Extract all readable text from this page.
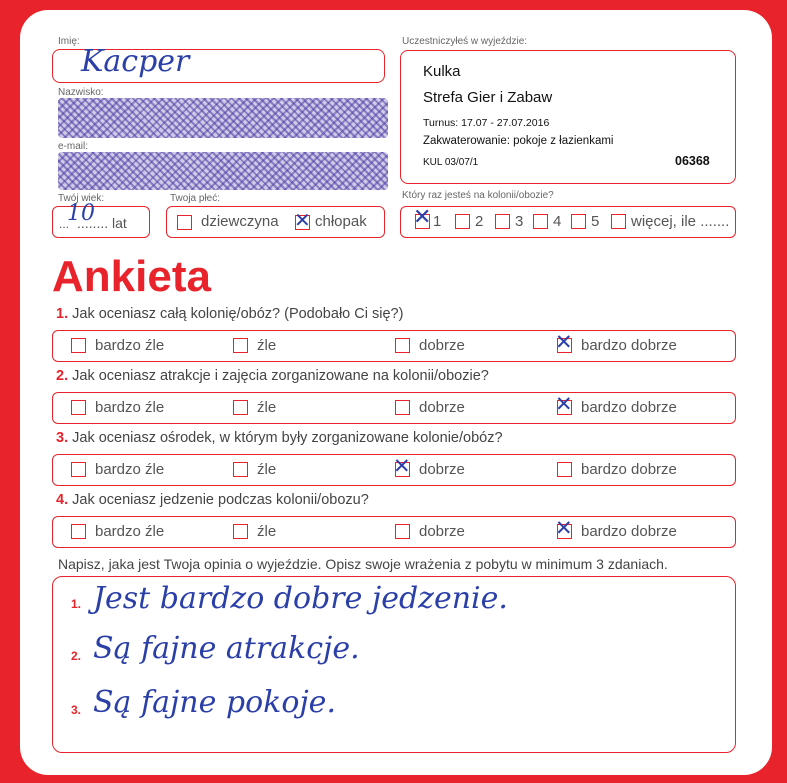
Imię:
Kacper
Nazwisko:
e-mail:
Twój wiek:
...
10
........ lat
Twoja płeć:
dziewczyna ✕ chłopak
Uczestniczyłeś w wyjeździe:
Kulka
Strefa Gier i Zabaw
Turnus: 17.07 - 27.07.2016
Zakwaterowanie: pokoje z łazienkami
KUL 03/07/1	06368
Który raz jesteś na kolonii/obozie?
✕ 1 2 3 4 5 więcej, ile .......
Ankieta
1. Jak oceniasz całą kolonię/obóz? (Podobało Ci się?)
bardzo źle	źle	dobrze	✕ bardzo dobrze
2. Jak oceniasz atrakcje i zajęcia zorganizowane na kolonii/obozie?
bardzo źle	źle	dobrze	✕ bardzo dobrze
3. Jak oceniasz ośrodek, w którym były zorganizowane kolonie/obóz?
bardzo źle	źle	✕ dobrze	bardzo dobrze
4. Jak oceniasz jedzenie podczas kolonii/obozu?
bardzo źle	źle	dobrze	✕ bardzo dobrze
Napisz, jaka jest Twoja opinia o wyjeździe. Opisz swoje wrażenia z pobytu w minimum 3 zdaniach.
1. Jest bardzo dobre jedzenie.
2. Są fajne atrakcje.
3. Są fajne pokoje.
